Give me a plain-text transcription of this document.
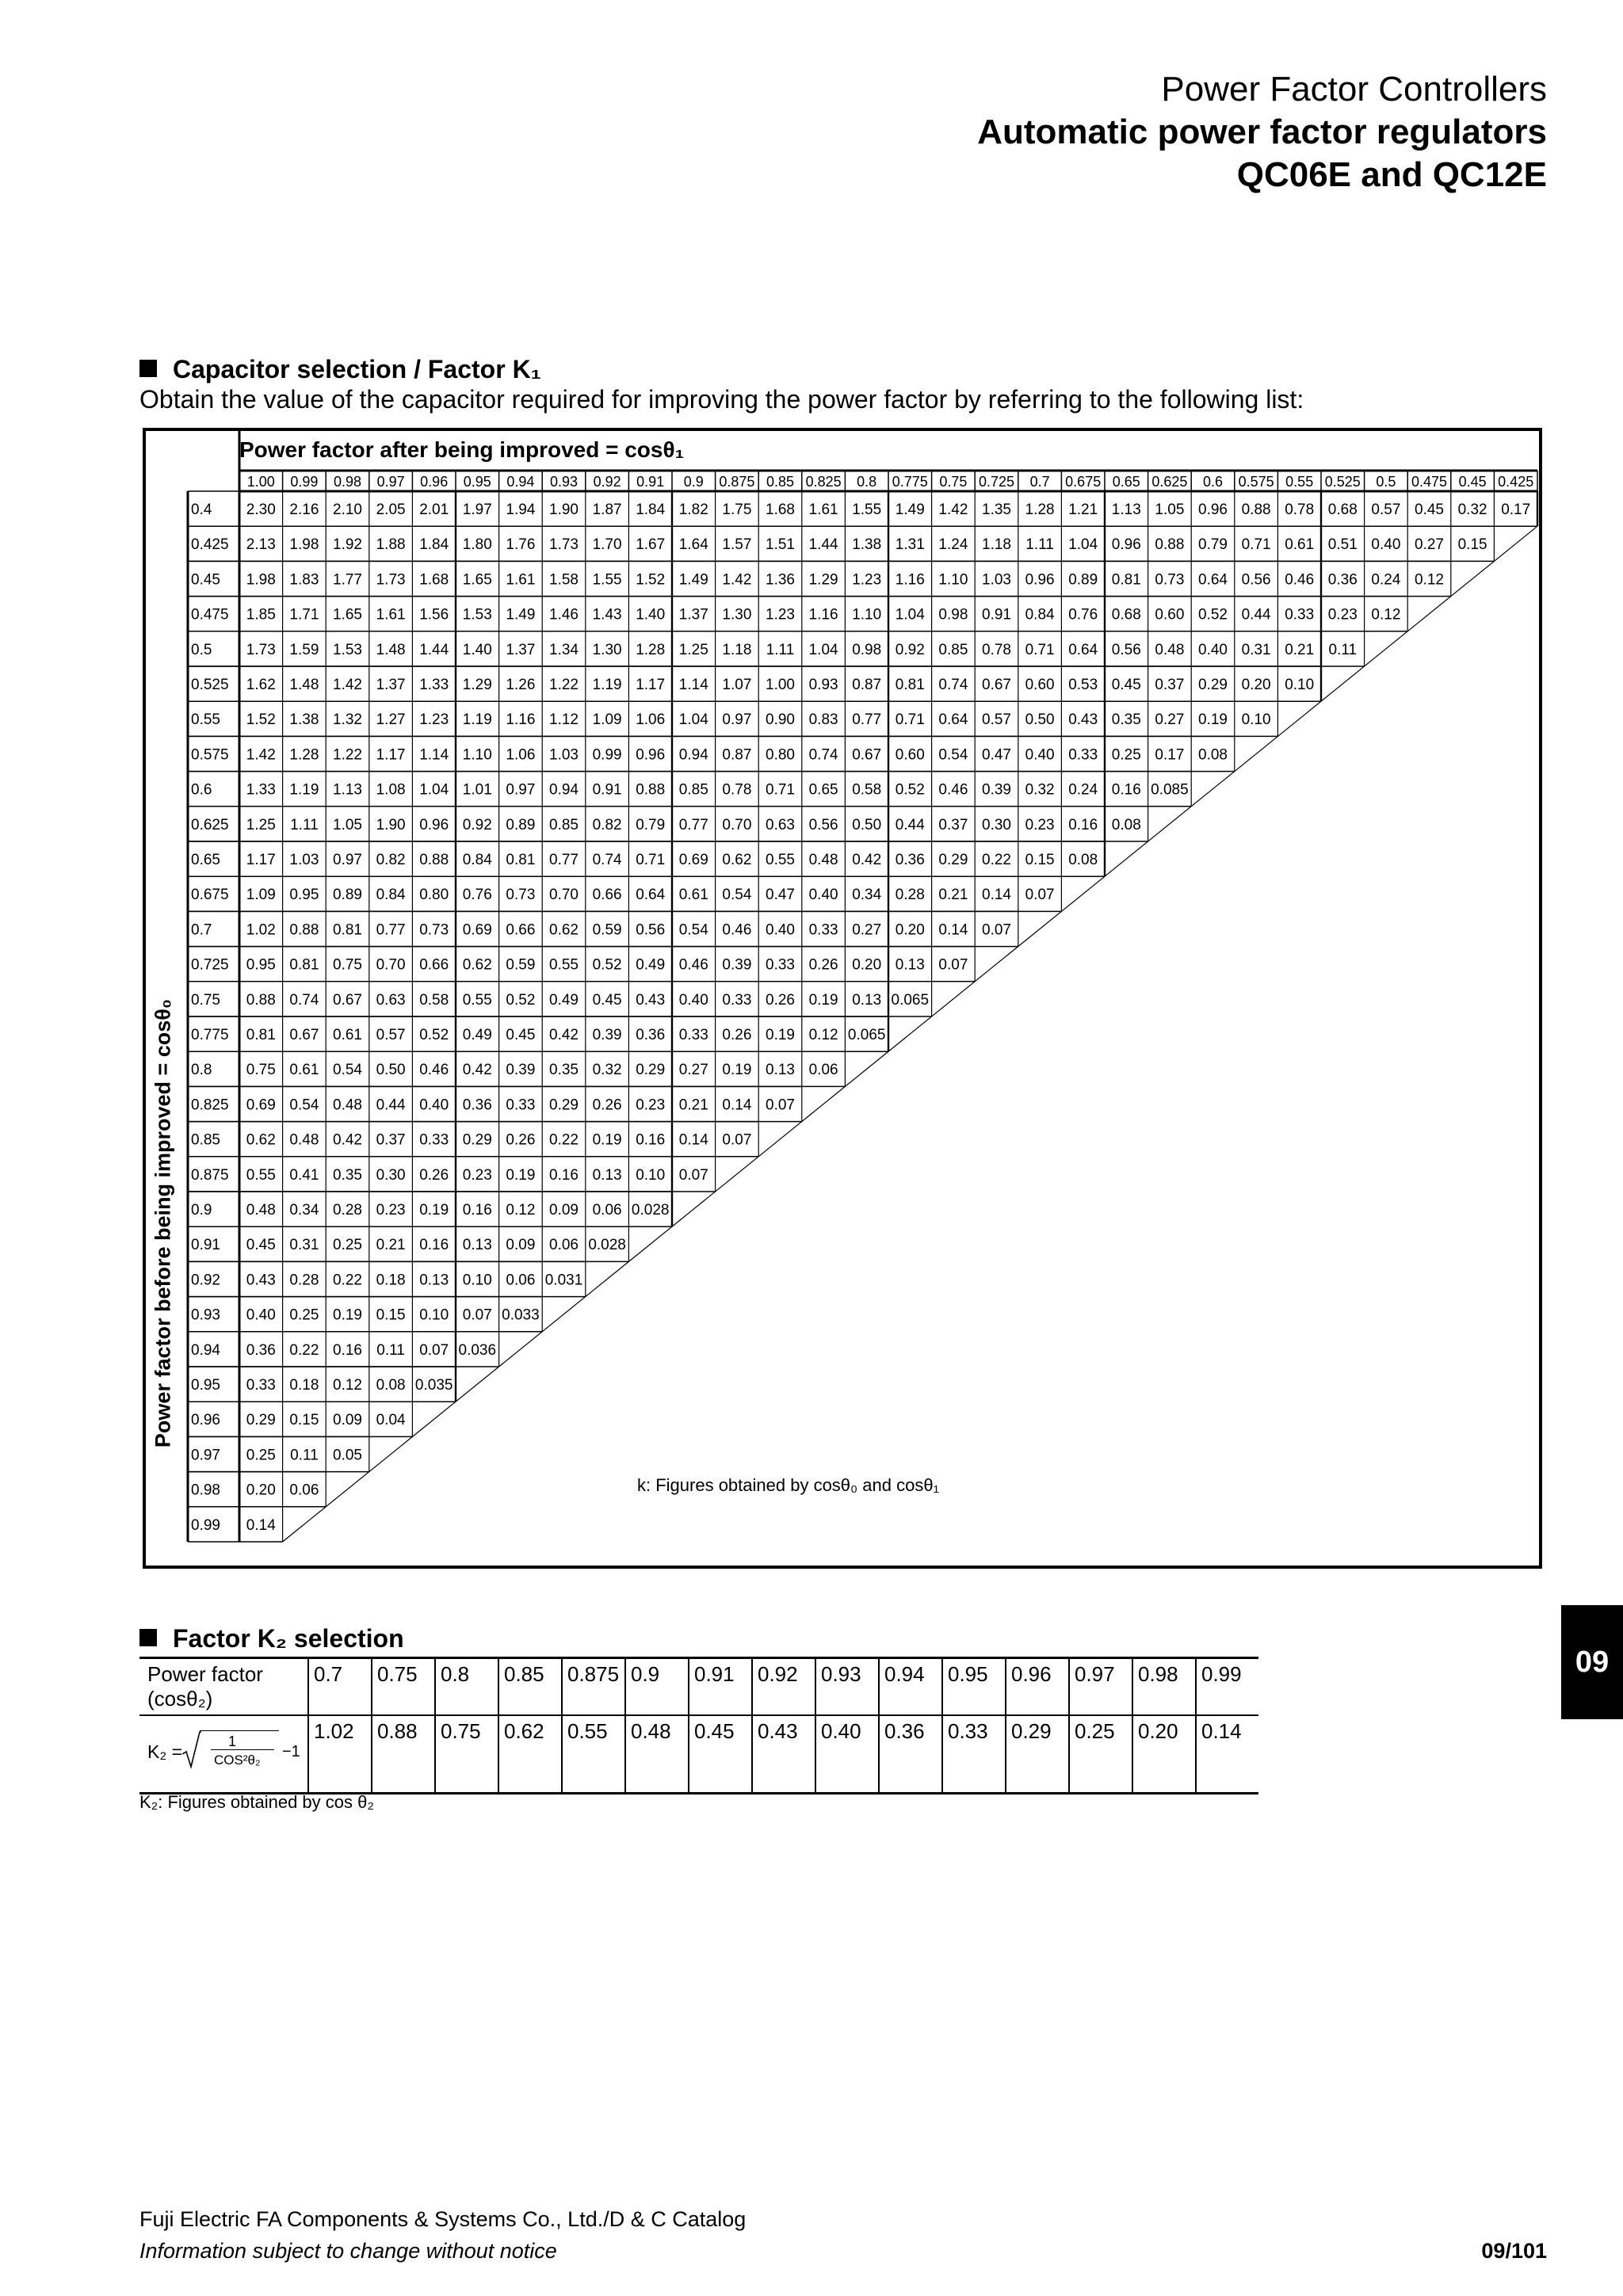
Power Factor Controllers
Automatic power factor regulators
QC06E and QC12E
Capacitor selection / Factor K₁
Obtain the value of the capacitor required for improving the power factor by referring to the following list:
1.00 0.99 0.98 0.97 0.96 0.95 0.94 0.93 0.92 0.91 0.9 0.875 0.85 0.825 0.8 0.775 0.75 0.725 0.7 0.675 0.65 0.625 0.6 0.575 0.55 0.525 0.5 0.475 0.45 0.425
0.4 2.30 2.16 2.10 2.05 2.01 1.97 1.94 1.90 1.87 1.84 1.82 1.75 1.68 1.61 1.55 1.49 1.42 1.35 1.28 1.21 1.13 1.05 0.96 0.88 0.78 0.68 0.57 0.45 0.32 0.17
0.425 2.13 1.98 1.92 1.88 1.84 1.80 1.76 1.73 1.70 1.67 1.64 1.57 1.51 1.44 1.38 1.31 1.24 1.18 1.11 1.04 0.96 0.88 0.79 0.71 0.61 0.51 0.40 0.27 0.15
0.45 1.98 1.83 1.77 1.73 1.68 1.65 1.61 1.58 1.55 1.52 1.49 1.42 1.36 1.29 1.23 1.16 1.10 1.03 0.96 0.89 0.81 0.73 0.64 0.56 0.46 0.36 0.24 0.12
0.475 1.85 1.71 1.65 1.61 1.56 1.53 1.49 1.46 1.43 1.40 1.37 1.30 1.23 1.16 1.10 1.04 0.98 0.91 0.84 0.76 0.68 0.60 0.52 0.44 0.33 0.23 0.12
0.5 1.73 1.59 1.53 1.48 1.44 1.40 1.37 1.34 1.30 1.28 1.25 1.18 1.11 1.04 0.98 0.92 0.85 0.78 0.71 0.64 0.56 0.48 0.40 0.31 0.21 0.11
0.525 1.62 1.48 1.42 1.37 1.33 1.29 1.26 1.22 1.19 1.17 1.14 1.07 1.00 0.93 0.87 0.81 0.74 0.67 0.60 0.53 0.45 0.37 0.29 0.20 0.10
0.55 1.52 1.38 1.32 1.27 1.23 1.19 1.16 1.12 1.09 1.06 1.04 0.97 0.90 0.83 0.77 0.71 0.64 0.57 0.50 0.43 0.35 0.27 0.19 0.10
0.575 1.42 1.28 1.22 1.17 1.14 1.10 1.06 1.03 0.99 0.96 0.94 0.87 0.80 0.74 0.67 0.60 0.54 0.47 0.40 0.33 0.25 0.17 0.08
0.6 1.33 1.19 1.13 1.08 1.04 1.01 0.97 0.94 0.91 0.88 0.85 0.78 0.71 0.65 0.58 0.52 0.46 0.39 0.32 0.24 0.16 0.085
0.625 1.25 1.11 1.05 1.90 0.96 0.92 0.89 0.85 0.82 0.79 0.77 0.70 0.63 0.56 0.50 0.44 0.37 0.30 0.23 0.16 0.08
0.65 1.17 1.03 0.97 0.82 0.88 0.84 0.81 0.77 0.74 0.71 0.69 0.62 0.55 0.48 0.42 0.36 0.29 0.22 0.15 0.08
0.675 1.09 0.95 0.89 0.84 0.80 0.76 0.73 0.70 0.66 0.64 0.61 0.54 0.47 0.40 0.34 0.28 0.21 0.14 0.07
0.7 1.02 0.88 0.81 0.77 0.73 0.69 0.66 0.62 0.59 0.56 0.54 0.46 0.40 0.33 0.27 0.20 0.14 0.07
0.725 0.95 0.81 0.75 0.70 0.66 0.62 0.59 0.55 0.52 0.49 0.46 0.39 0.33 0.26 0.20 0.13 0.07
0.75 0.88 0.74 0.67 0.63 0.58 0.55 0.52 0.49 0.45 0.43 0.40 0.33 0.26 0.19 0.13 0.065
0.775 0.81 0.67 0.61 0.57 0.52 0.49 0.45 0.42 0.39 0.36 0.33 0.26 0.19 0.12 0.065
0.8 0.75 0.61 0.54 0.50 0.46 0.42 0.39 0.35 0.32 0.29 0.27 0.19 0.13 0.06
0.825 0.69 0.54 0.48 0.44 0.40 0.36 0.33 0.29 0.26 0.23 0.21 0.14 0.07
0.85 0.62 0.48 0.42 0.37 0.33 0.29 0.26 0.22 0.19 0.16 0.14 0.07
0.875 0.55 0.41 0.35 0.30 0.26 0.23 0.19 0.16 0.13 0.10 0.07
0.9 0.48 0.34 0.28 0.23 0.19 0.16 0.12 0.09 0.06 0.028
0.91 0.45 0.31 0.25 0.21 0.16 0.13 0.09 0.06 0.028
0.92 0.43 0.28 0.22 0.18 0.13 0.10 0.06 0.031
0.93 0.40 0.25 0.19 0.15 0.10 0.07 0.033
0.94 0.36 0.22 0.16 0.11 0.07 0.036
0.95 0.33 0.18 0.12 0.08 0.035
0.96 0.29 0.15 0.09 0.04
0.97 0.25 0.11 0.05
0.98 0.20 0.06
0.99 0.14
Power factor after being improved = cosθ₁
Power factor before being improved = cosθ₀
k: Figures obtained by cosθ₀ and cosθ₁
09
Factor K₂ selection
Power factor
(cosθ₂)	0.7	0.75	0.8	0.85	0.875	0.9	0.91	0.92	0.93	0.94	0.95	0.96	0.97	0.98	0.99

K₂ = 1
COS²θ₂ −1	1.02	0.88	0.75	0.62	0.55	0.48	0.45	0.43	0.40	0.36	0.33	0.29	0.25	0.20	0.14
K₂: Figures obtained by cos θ₂
Fuji Electric FA Components & Systems Co., Ltd./D & C Catalog
Information subject to change without notice	09/101
